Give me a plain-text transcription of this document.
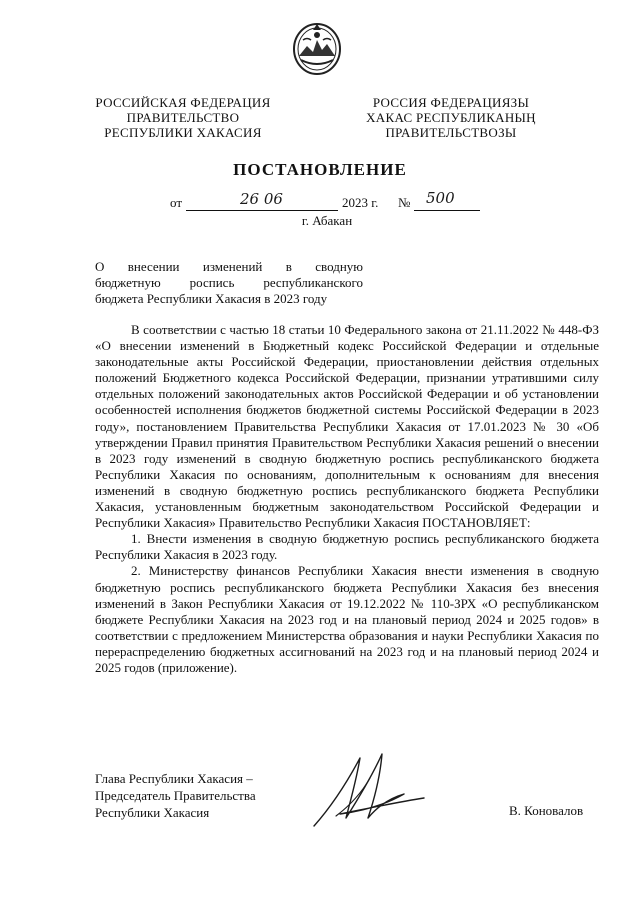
РОССИЙСКАЯ ФЕДЕРАЦИЯ
ПРАВИТЕЛЬСТВО
РЕСПУБЛИКИ ХАКАСИЯ
РОССИЯ ФЕДЕРАЦИЯЗЫ
ХАКАС РЕСПУБЛИКАНЫҢ
ПРАВИТЕЛЬСТВОЗЫ
ПОСТАНОВЛЕНИЕ
от	26 06	2023 г. № 500
г. Абакан
О внесении изменений в сводную
бюджетную роспись республиканского
бюджета Республики Хакасия в 2023 году

В соответствии с частью 18 статьи 10 Федерального закона от 21.11.2022 № 448-ФЗ «О внесении изменений в Бюджетный кодекс Российской Федерации и отдельные законодательные акты Российской Федерации, приостановлении действия отдельных положений Бюджетного кодекса Российской Федерации, признании утратившими силу отдельных положений законодательных актов Российской Федерации и об установлении особенностей исполнения бюджетов бюджетной системы Российской Федерации в 2023 году», постановлением Правительства Республики Хакасия от 17.01.2023 № 30 «Об утверждении Правил принятия Правительством Республики Хакасия решений о внесении в 2023 году изменений в сводную бюджетную роспись республиканского бюджета Республики Хакасия по основаниям, дополнительным к основаниям для внесения изменений в сводную бюджетную роспись республиканского бюджета Республики Хакасия, установленным бюджетным законодательством Российской Федерации и Республики Хакасия» Правительство Республики Хакасия ПОСТАНОВЛЯЕТ:

1. Внести изменения в сводную бюджетную роспись республиканского бюджета Республики Хакасия в 2023 году.

2. Министерству финансов Республики Хакасия внести изменения в сводную бюджетную роспись республиканского бюджета Республики Хакасия без внесения изменений в Закон Республики Хакасия от 19.12.2022 № 110-ЗРХ «О республиканском бюджете Республики Хакасия на 2023 год и на плановый период 2024 и 2025 годов» в соответствии с предложением Министерства образования и науки Республики Хакасия по перераспределению бюджетных ассигнований на 2023 год и на плановый период 2024 и 2025 годов (приложение).

Глава Республики Хакасия –
Председатель Правительства
Республики Хакасия	В. Коновалов
